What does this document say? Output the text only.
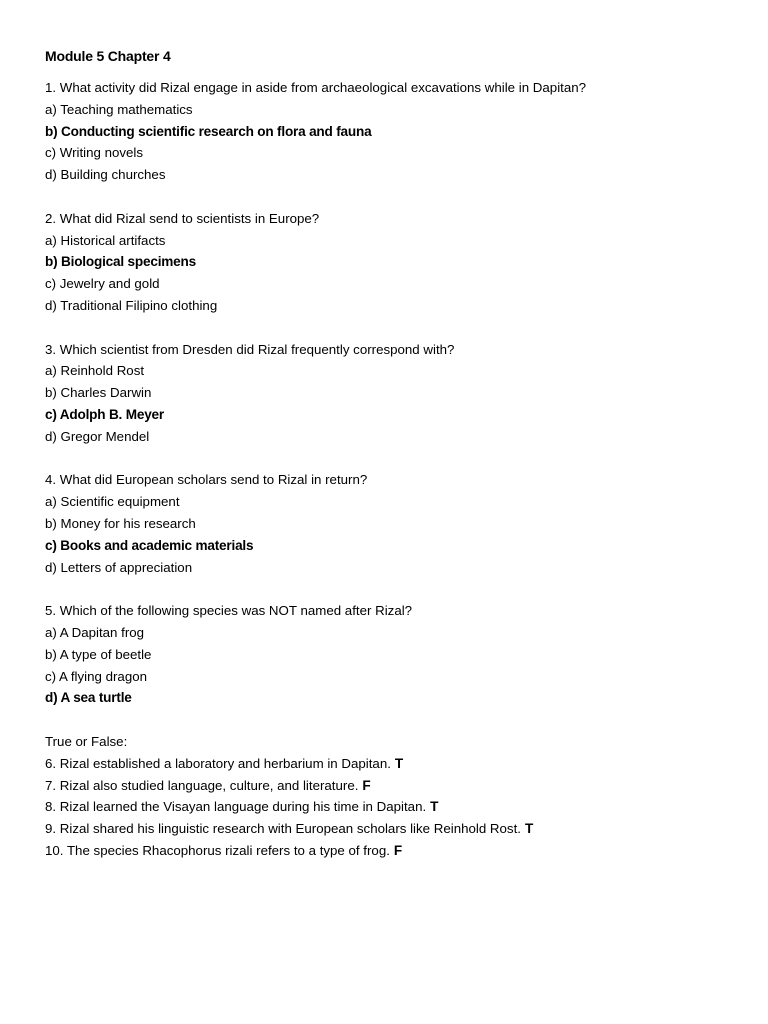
Module 5 Chapter 4
1. What activity did Rizal engage in aside from archaeological excavations while in Dapitan?
a) Teaching mathematics
b) Conducting scientific research on flora and fauna
c) Writing novels
d) Building churches
2. What did Rizal send to scientists in Europe?
a) Historical artifacts
b) Biological specimens
c) Jewelry and gold
d) Traditional Filipino clothing
3. Which scientist from Dresden did Rizal frequently correspond with?
a) Reinhold Rost
b) Charles Darwin
c) Adolph B. Meyer
d) Gregor Mendel
4. What did European scholars send to Rizal in return?
a) Scientific equipment
b) Money for his research
c) Books and academic materials
d) Letters of appreciation
5. Which of the following species was NOT named after Rizal?
a) A Dapitan frog
b) A type of beetle
c) A flying dragon
d) A sea turtle
True or False:
6. Rizal established a laboratory and herbarium in Dapitan. T
7. Rizal also studied language, culture, and literature. F
8. Rizal learned the Visayan language during his time in Dapitan. T
9. Rizal shared his linguistic research with European scholars like Reinhold Rost. T
10. The species Rhacophorus rizali refers to a type of frog. F
